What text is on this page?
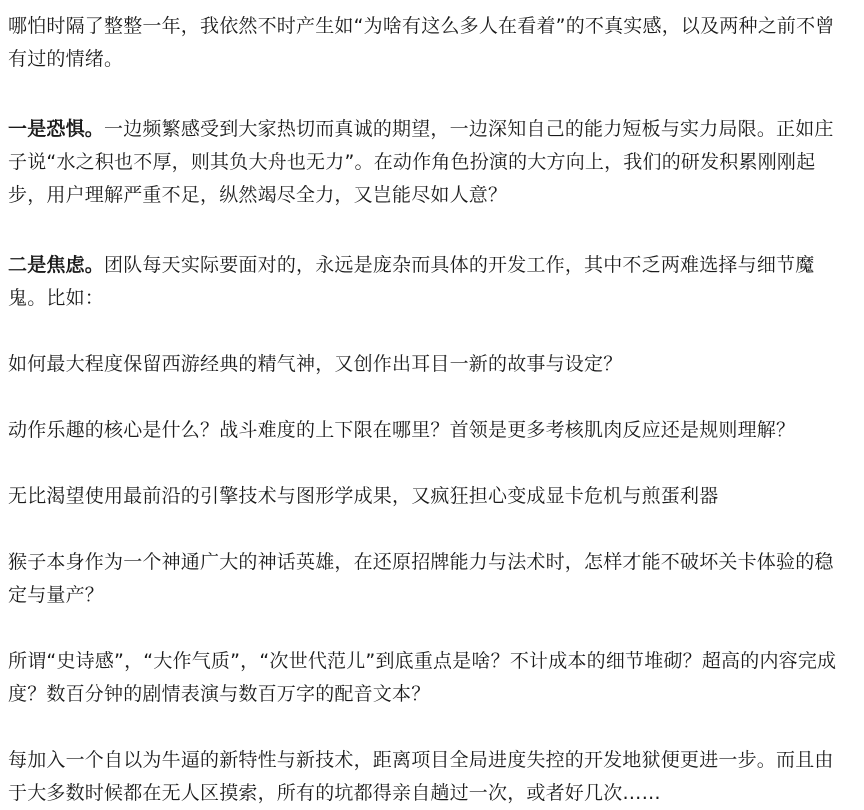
哪怕时隔了整整一年，我依然不时产生如“为啥有这么多人在看着”的不真实感，以及两种之前不曾有过的情绪。

一是恐惧。一边频繁感受到大家热切而真诚的期望，一边深知自己的能力短板与实力局限。正如庄子说“水之积也不厚，则其负大舟也无力”。在动作角色扮演的大方向上，我们的研发积累刚刚起步，用户理解严重不足，纵然竭尽全力，又岂能尽如人意？

二是焦虑。团队每天实际要面对的，永远是庞杂而具体的开发工作，其中不乏两难选择与细节魔鬼。比如：

如何最大程度保留西游经典的精气神，又创作出耳目一新的故事与设定？

动作乐趣的核心是什么？战斗难度的上下限在哪里？首领是更多考核肌肉反应还是规则理解？

无比渴望使用最前沿的引擎技术与图形学成果，又疯狂担心变成显卡危机与煎蛋利器

猴子本身作为一个神通广大的神话英雄，在还原招牌能力与法术时，怎样才能不破坏关卡体验的稳定与量产？

所谓“史诗感”，“大作气质”，“次世代范儿”到底重点是啥？不计成本的细节堆砌？超高的内容完成度？数百分钟的剧情表演与数百万字的配音文本？

每加入一个自以为牛逼的新特性与新技术，距离项目全局进度失控的开发地狱便更进一步。而且由于大多数时候都在无人区摸索，所有的坑都得亲自趟过一次，或者好几次……
